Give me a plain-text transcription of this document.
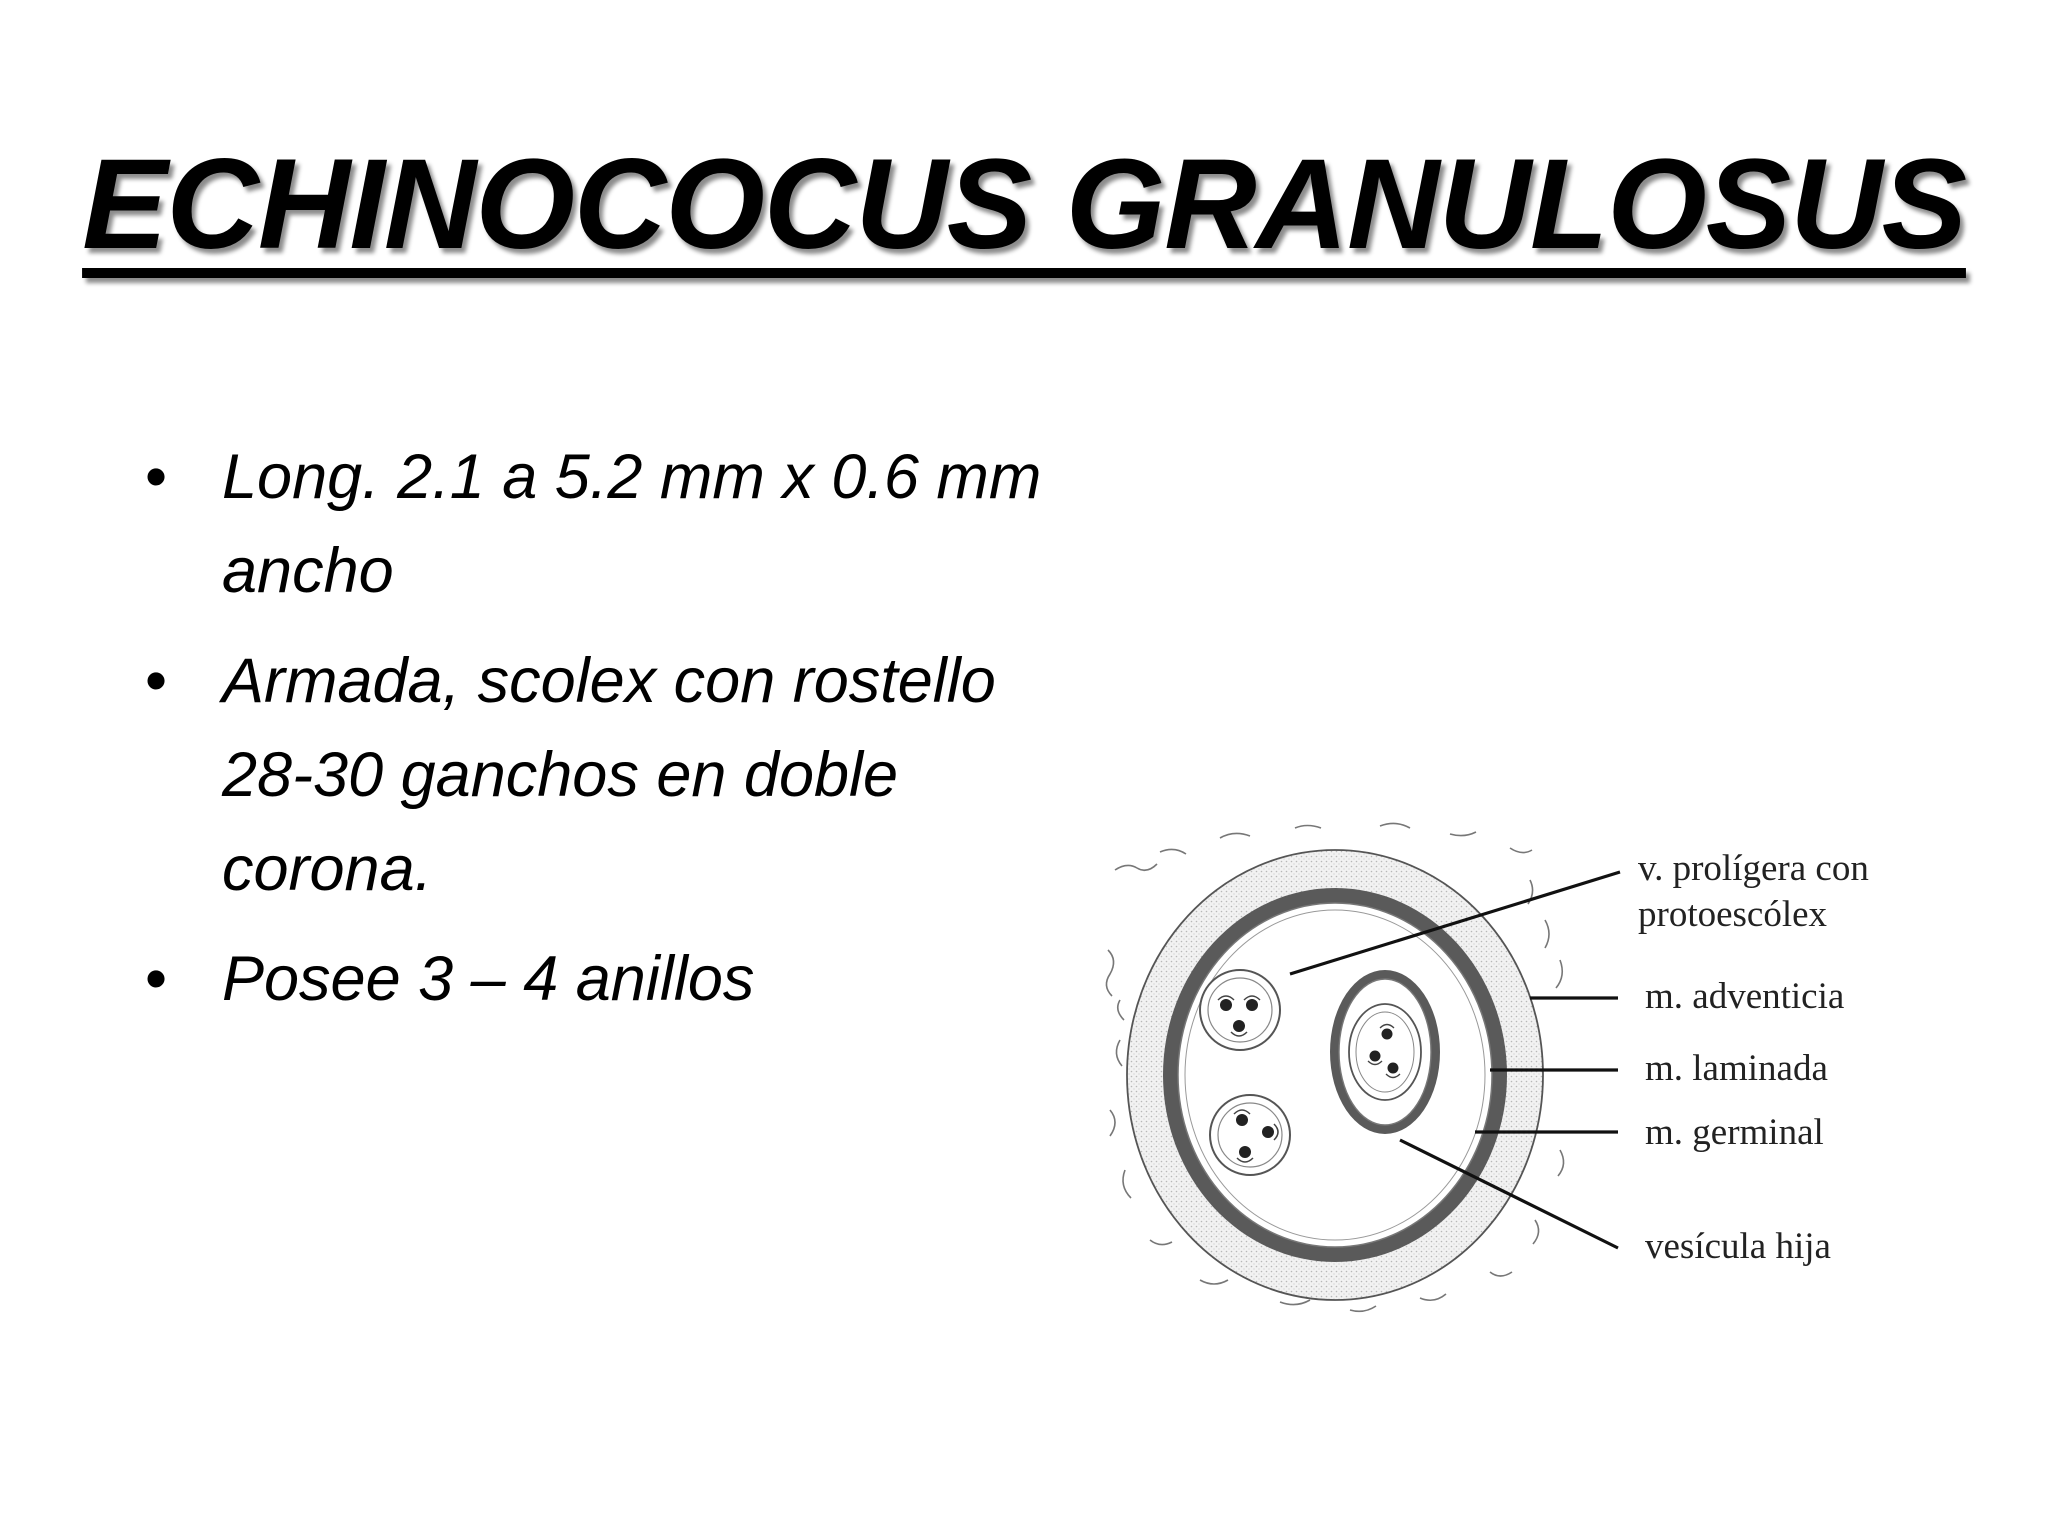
ECHINOCOCUS GRANULOSUS
• Long. 2.1 a 5.2 mm x 0.6 mm ancho
• Armada, scolex con rostello 28-30 ganchos en doble corona.
• Posee 3 – 4 anillos
v. prolígera con
protoescólex
m. adventicia
m. laminada
m. germinal
vesícula hija
